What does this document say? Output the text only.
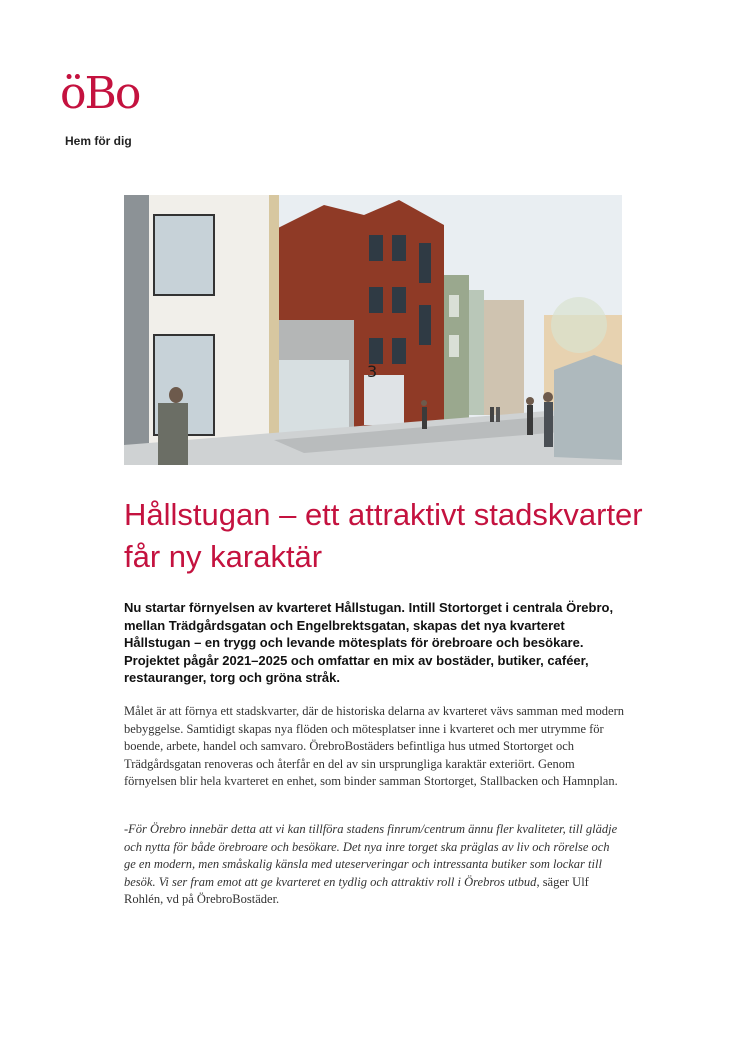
öBo
Hem för dig
3
Hållstugan – ett attraktivt stadskvarter får ny karaktär

Nu startar förnyelsen av kvarteret Hållstugan. Intill Stortorget i centrala Örebro, mellan Trädgårdsgatan och Engelbrektsgatan, skapas det nya kvarteret Hållstugan – en trygg och levande mötesplats för örebroare och besökare. Projektet pågår 2021–2025 och omfattar en mix av bostäder, butiker, caféer, restauranger, torg och gröna stråk.

Målet är att förnya ett stadskvarter, där de historiska delarna av kvarteret vävs samman med modern bebyggelse. Samtidigt skapas nya flöden och mötesplatser inne i kvarteret och mer utrymme för boende, arbete, handel och samvaro. ÖrebroBostäders befintliga hus utmed Stortorget och Trädgårdsgatan renoveras och återfår en del av sin ursprungliga karaktär exteriört. Genom förnyelsen blir hela kvarteret en enhet, som binder samman Stortorget, Stallbacken och Hamnplan.

-För Örebro innebär detta att vi kan tillföra stadens finrum/centrum ännu fler kvaliteter, till glädje och nytta för både örebroare och besökare. Det nya inre torget ska präglas av liv och rörelse och ge en modern, men småskalig känsla med uteserveringar och intressanta butiker som lockar till besök. Vi ser fram emot att ge kvarteret en tydlig och attraktiv roll i Örebros utbud, säger Ulf Rohlén, vd på ÖrebroBostäder.
